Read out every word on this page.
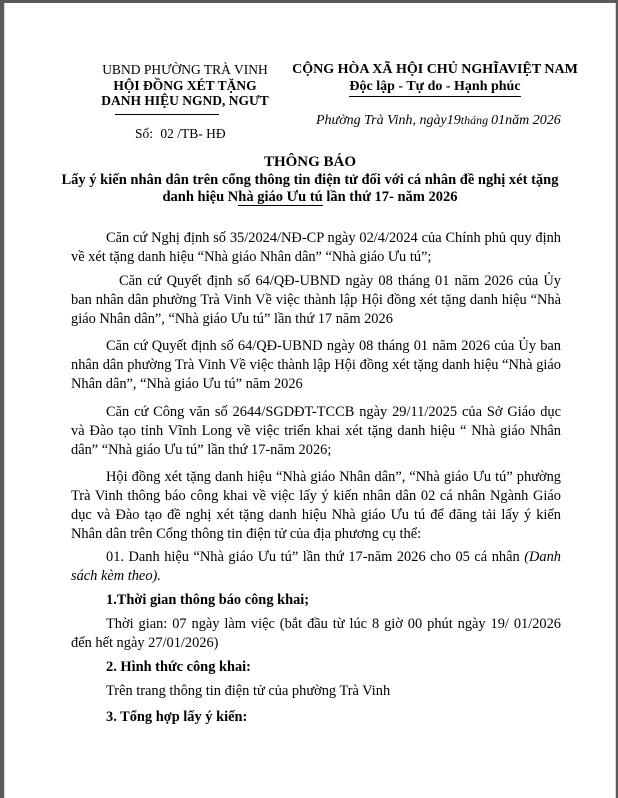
UBND PHƯỜNG TRÀ VINH
HỘI ĐỒNG XÉT TẶNG
DANH HIỆU NGND, NGƯT
Số: 02 /TB- HĐ
CỘNG HÒA XÃ HỘI CHỦ NGHĨAVIỆT NAM
Độc lập - Tự do - Hạnh phúc
Phường Trà Vinh, ngày19tháng 01năm 2026
THÔNG BÁO
Lấy ý kiến nhân dân trên cổng thông tin điện tử đối với cá nhân đề nghị xét tặng
danh hiệu Nhà giáo Ưu tú lần thứ 17- năm 2026
Căn cứ Nghị định số 35/2024/NĐ-CP ngày 02/4/2024 của Chính phủ quy định về xét tặng danh hiệu “Nhà giáo Nhân dân” “Nhà giáo Ưu tú”;
Căn cứ Quyết định số 64/QĐ-UBND ngày 08 tháng 01 năm 2026 của Ủy ban nhân dân phường Trà Vinh Về việc thành lập Hội đồng xét tặng danh hiệu “Nhà giáo Nhân dân”, “Nhà giáo Ưu tú” lần thứ 17 năm 2026
Căn cứ Quyết định số 64/QĐ-UBND ngày 08 tháng 01 năm 2026 của Ủy ban nhân dân phường Trà Vinh Về việc thành lập Hội đồng xét tặng danh hiệu “Nhà giáo Nhân dân”, “Nhà giáo Ưu tú” năm 2026
Căn cứ Công văn số 2644/SGDĐT-TCCB ngày 29/11/2025 của Sở Giáo dục và Đào tạo tỉnh Vĩnh Long về việc triển khai xét tặng danh hiệu “ Nhà giáo Nhân dân” “Nhà giáo Ưu tú” lần thứ 17-năm 2026;
Hội đồng xét tặng danh hiệu “Nhà giáo Nhân dân”, “Nhà giáo Ưu tú” phường Trà Vinh thông báo công khai về việc lấy ý kiến nhân dân 02 cá nhân Ngành Giáo dục và Đào tạo đề nghị xét tặng danh hiệu Nhà giáo Ưu tú để đăng tải lấy ý kiến Nhân dân trên Cổng thông tin điện tử của địa phương cụ thể:
01. Danh hiệu “Nhà giáo Ưu tú” lần thứ 17-năm 2026 cho 05 cá nhân (Danh sách kèm theo).
1.Thời gian thông báo công khai;
Thời gian: 07 ngày làm việc (bắt đầu từ lúc 8 giờ 00 phút ngày 19/ 01/2026 đến hết ngày 27/01/2026)
2. Hình thức công khai:
Trên trang thông tin điện tử của phường Trà Vinh
3. Tổng hợp lấy ý kiến:
